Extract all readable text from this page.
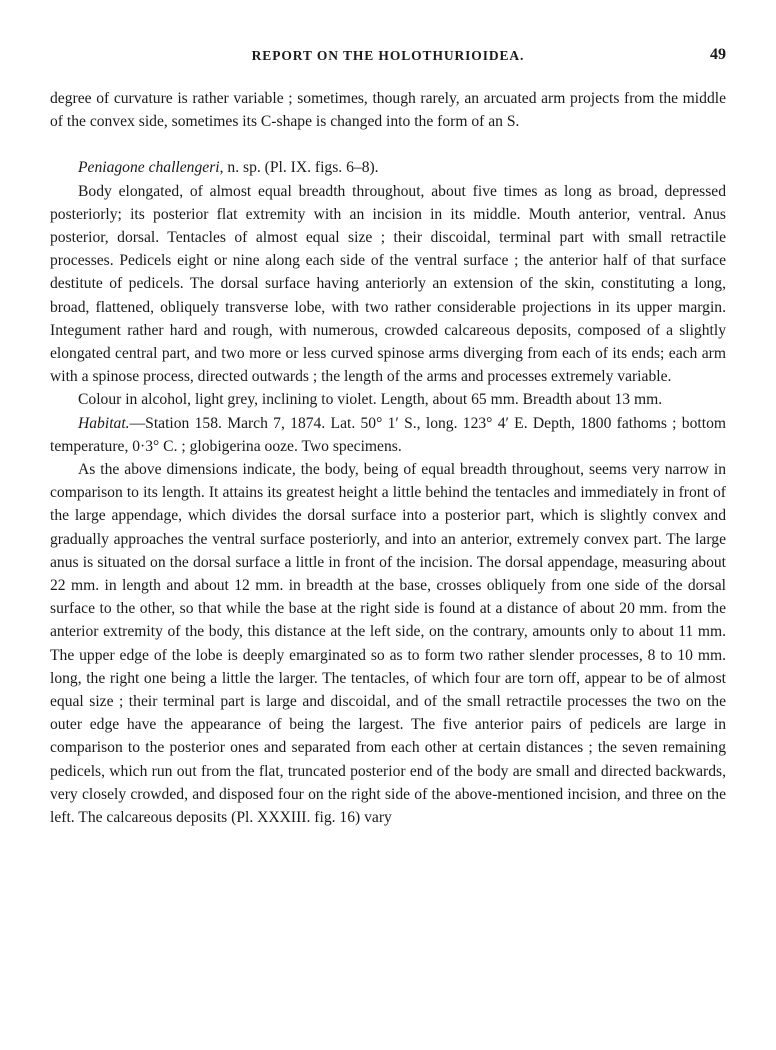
REPORT ON THE HOLOTHURIOIDEA.	49

degree of curvature is rather variable ; sometimes, though rarely, an arcuated arm projects from the middle of the convex side, sometimes its C-shape is changed into the form of an S.

Peniagone challengeri, n. sp. (Pl. IX. figs. 6–8).

Body elongated, of almost equal breadth throughout, about five times as long as broad, depressed posteriorly; its posterior flat extremity with an incision in its middle. Mouth anterior, ventral. Anus posterior, dorsal. Tentacles of almost equal size ; their discoidal, terminal part with small retractile processes. Pedicels eight or nine along each side of the ventral surface ; the anterior half of that surface destitute of pedicels. The dorsal surface having anteriorly an extension of the skin, constituting a long, broad, flattened, obliquely transverse lobe, with two rather considerable projections in its upper margin. Integument rather hard and rough, with numerous, crowded calcareous deposits, composed of a slightly elongated central part, and two more or less curved spinose arms diverging from each of its ends; each arm with a spinose process, directed outwards ; the length of the arms and processes extremely variable.

Colour in alcohol, light grey, inclining to violet. Length, about 65 mm. Breadth about 13 mm.

Habitat.—Station 158. March 7, 1874. Lat. 50° 1′ S., long. 123° 4′ E. Depth, 1800 fathoms ; bottom temperature, 0·3° C. ; globigerina ooze. Two specimens.

As the above dimensions indicate, the body, being of equal breadth throughout, seems very narrow in comparison to its length. It attains its greatest height a little behind the tentacles and immediately in front of the large appendage, which divides the dorsal surface into a posterior part, which is slightly convex and gradually approaches the ventral surface posteriorly, and into an anterior, extremely convex part. The large anus is situated on the dorsal surface a little in front of the incision. The dorsal appendage, measuring about 22 mm. in length and about 12 mm. in breadth at the base, crosses obliquely from one side of the dorsal surface to the other, so that while the base at the right side is found at a distance of about 20 mm. from the anterior extremity of the body, this distance at the left side, on the contrary, amounts only to about 11 mm. The upper edge of the lobe is deeply emarginated so as to form two rather slender processes, 8 to 10 mm. long, the right one being a little the larger. The tentacles, of which four are torn off, appear to be of almost equal size ; their terminal part is large and discoidal, and of the small retractile processes the two on the outer edge have the appearance of being the largest. The five anterior pairs of pedicels are large in comparison to the posterior ones and separated from each other at certain distances ; the seven remaining pedicels, which run out from the flat, truncated posterior end of the body are small and directed backwards, very closely crowded, and disposed four on the right side of the above-mentioned incision, and three on the left. The calcareous deposits (Pl. XXXIII. fig. 16) vary
